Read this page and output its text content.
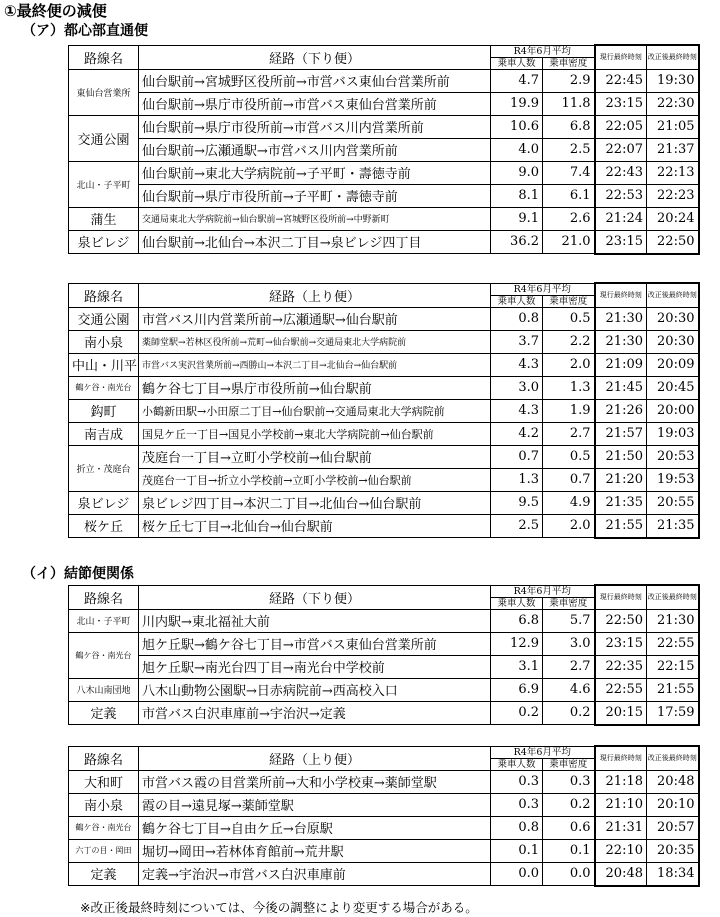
①最終便の減便
（ア）都心部直通便
（イ）結節便関係
路線名	経路（下り便）	R4年6月平均		現行最終時刻	改正後最終時刻
		乗車人数	乗車密度		
東仙台営業所	仙台駅前→宮城野区役所前→市営バス東仙台営業所前	4.7	2.9	22:45	19:30
	仙台駅前→県庁市役所前→市営バス東仙台営業所前	19.9	11.8	23:15	22:30
交通公園	仙台駅前→県庁市役所前→市営バス川内営業所前	10.6	6.8	22:05	21:05
	仙台駅前→広瀬通駅→市営バス川内営業所前	4.0	2.5	22:07	21:37
北山・子平町	仙台駅前→東北大学病院前→子平町・壽徳寺前	9.0	7.4	22:43	22:13
	仙台駅前→県庁市役所前→子平町・壽徳寺前	8.1	6.1	22:53	22:23
蒲生	交通局東北大学病院前→仙台駅前→宮城野区役所前→中野新町	9.1	2.6	21:24	20:24
泉ビレジ	仙台駅前→北仙台→本沢二丁目→泉ビレジ四丁目	36.2	21.0	23:15	22:50
路線名	経路（上り便）	R4年6月平均		現行最終時刻	改正後最終時刻
		乗車人数	乗車密度		
交通公園	市営バス川内営業所前→広瀬通駅→仙台駅前	0.8	0.5	21:30	20:30
南小泉	薬師堂駅→若林区役所前→荒町→仙台駅前→交通局東北大学病院前	3.7	2.2	21:30	20:30
中山・川平	市営バス実沢営業所前→西勝山→本沢二丁目→北仙台→仙台駅前	4.3	2.0	21:09	20:09
鶴ケ谷・南光台	鶴ケ谷七丁目→県庁市役所前→仙台駅前	3.0	1.3	21:45	20:45
鈎町	小鶴新田駅→小田原二丁目→仙台駅前→交通局東北大学病院前	4.3	1.9	21:26	20:00
南吉成	国見ケ丘一丁目→国見小学校前→東北大学病院前→仙台駅前	4.2	2.7	21:57	19:03
折立・茂庭台	茂庭台一丁目→立町小学校前→仙台駅前	0.7	0.5	21:50	20:53
	茂庭台一丁目→折立小学校前→立町小学校前→仙台駅前	1.3	0.7	21:20	19:53
泉ビレジ	泉ビレジ四丁目→本沢二丁目→北仙台→仙台駅前	9.5	4.9	21:35	20:55
桜ケ丘	桜ケ丘七丁目→北仙台→仙台駅前	2.5	2.0	21:55	21:35
路線名	経路（下り便）	R4年6月平均		現行最終時刻	改正後最終時刻
		乗車人数	乗車密度		
北山・子平町	川内駅→東北福祉大前	6.8	5.7	22:50	21:30
鶴ケ谷・南光台	旭ケ丘駅→鶴ケ谷七丁目→市営バス東仙台営業所前	12.9	3.0	23:15	22:55
	旭ケ丘駅→南光台四丁目→南光台中学校前	3.1	2.7	22:35	22:15
八木山南団地	八木山動物公園駅→日赤病院前→西高校入口	6.9	4.6	22:55	21:55
定義	市営バス白沢車庫前→宇治沢→定義	0.2	0.2	20:15	17:59
路線名	経路（上り便）	R4年6月平均		現行最終時刻	改正後最終時刻
		乗車人数	乗車密度		
大和町	市営バス霞の目営業所前→大和小学校東→薬師堂駅	0.3	0.3	21:18	20:48
南小泉	霞の目→遠見塚→薬師堂駅	0.3	0.2	21:10	20:10
鶴ケ谷・南光台	鶴ケ谷七丁目→自由ケ丘→台原駅	0.8	0.6	21:31	20:57
六丁の目・岡田	堀切→岡田→若林体育館前→荒井駅	0.1	0.1	22:10	20:35
定義	定義→宇治沢→市営バス白沢車庫前	0.0	0.0	20:48	18:34
※改正後最終時刻については、今後の調整により変更する場合がある。
